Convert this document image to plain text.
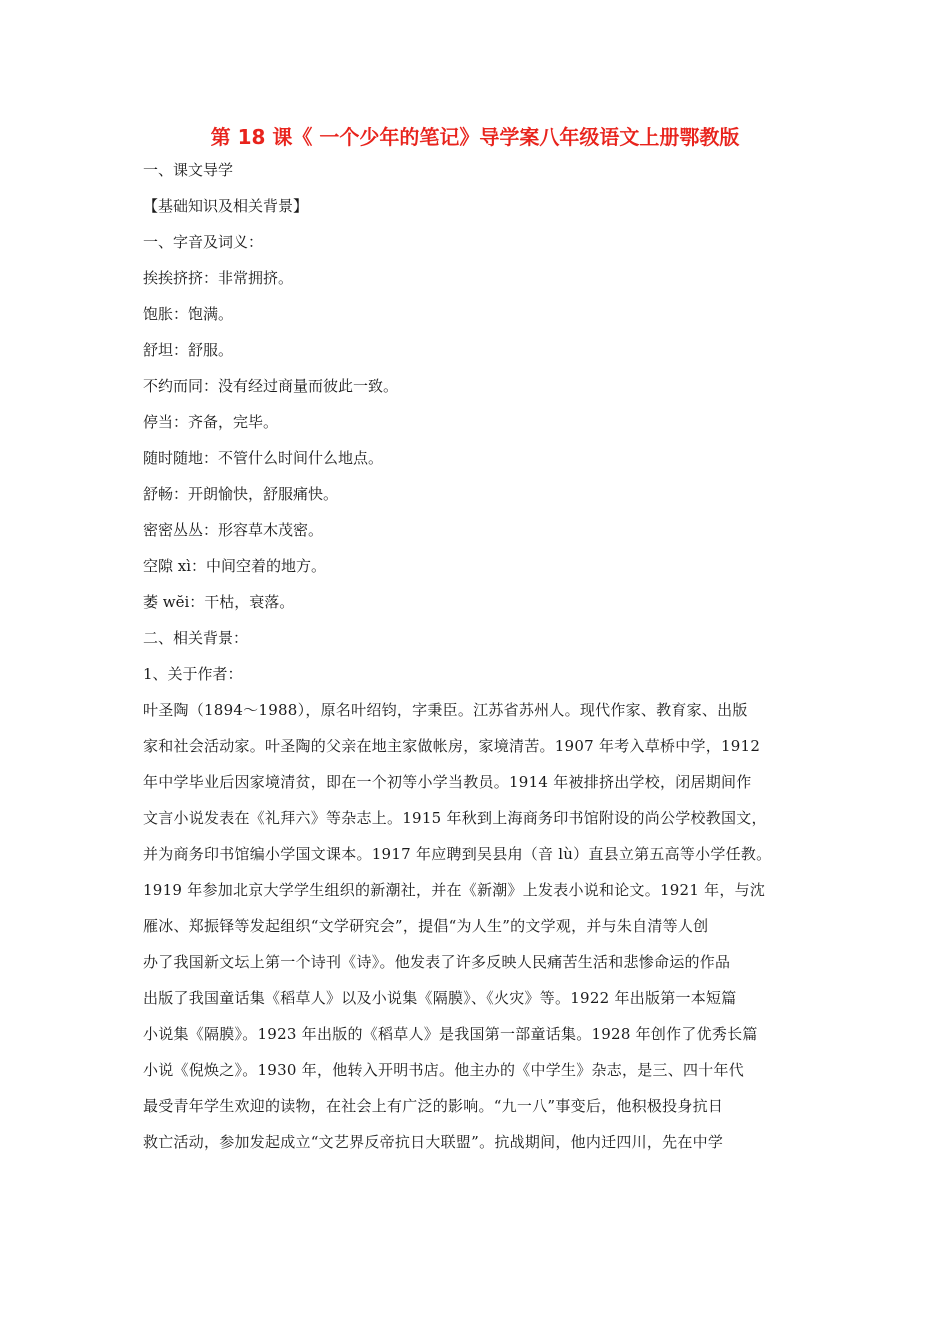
第 18 课《 一个少年的笔记》导学案八年级语文上册鄂教版
一、课文导学
【基础知识及相关背景】
一、字音及词义：
挨挨挤挤：非常拥挤。
饱胀：饱满。
舒坦：舒服。
不约而同：没有经过商量而彼此一致。
停当：齐备，完毕。
随时随地：不管什么时间什么地点。
舒畅：开朗愉快，舒服痛快。
密密丛丛：形容草木茂密。
空隙 xì：中间空着的地方。
萎 wĕi：干枯，衰落。
二、相关背景：
1、关于作者：
叶圣陶（1894～1988），原名叶绍钧，字秉臣。江苏省苏州人。现代作家、教育家、出版
家和社会活动家。叶圣陶的父亲在地主家做帐房，家境清苦。1907 年考入草桥中学，1912
年中学毕业后因家境清贫，即在一个初等小学当教员。1914 年被排挤出学校，闭居期间作
文言小说发表在《礼拜六》等杂志上。1915 年秋到上海商务印书馆附设的尚公学校教国文，
并为商务印书馆编小学国文课本。1917 年应聘到吴县甪（音 lù）直县立第五高等小学任教。
1919 年参加北京大学学生组织的新潮社，并在《新潮》上发表小说和论文。1921 年，与沈
雁冰、郑振铎等发起组织“文学研究会”，提倡“为人生”的文学观，并与朱自清等人创
办了我国新文坛上第一个诗刊《诗》。他发表了许多反映人民痛苦生活和悲惨命运的作品
出版了我国童话集《稻草人》以及小说集《隔膜》、《火灾》等。1922 年出版第一本短篇
小说集《隔膜》。1923 年出版的《稻草人》是我国第一部童话集。1928 年创作了优秀长篇
小说《倪焕之》。1930 年，他转入开明书店。他主办的《中学生》杂志，是三、四十年代
最受青年学生欢迎的读物，在社会上有广泛的影响。“九一八”事变后，他积极投身抗日
救亡活动，参加发起成立“文艺界反帝抗日大联盟”。抗战期间，他内迁四川，先在中学
